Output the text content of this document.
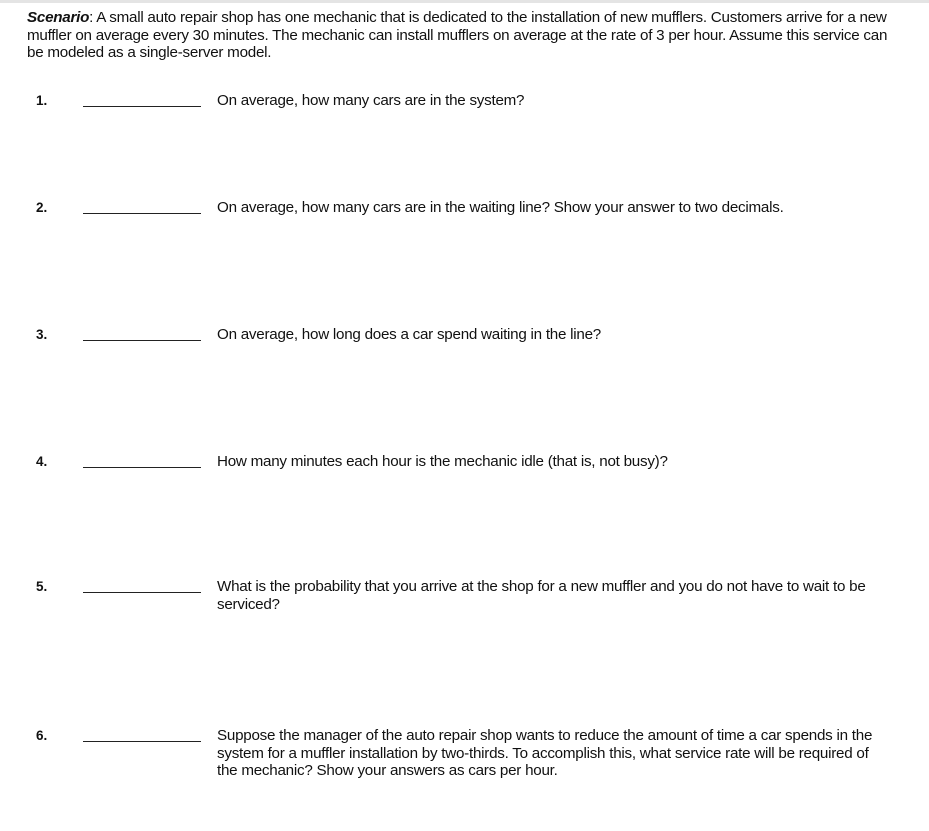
Scenario: A small auto repair shop has one mechanic that is dedicated to the installation of new mufflers. Customers arrive for a new muffler on average every 30 minutes. The mechanic can install mufflers on average at the rate of 3 per hour. Assume this service can be modeled as a single-server model.

1.	On average, how many cars are in the system?
2.	On average, how many cars are in the waiting line? Show your answer to two decimals.
3.	On average, how long does a car spend waiting in the line?
4.	How many minutes each hour is the mechanic idle (that is, not busy)?
5.	What is the probability that you arrive at the shop for a new muffler and you do not have to wait to be serviced?
6.	Suppose the manager of the auto repair shop wants to reduce the amount of time a car spends in the system for a muffler installation by two-thirds. To accomplish this, what service rate will be required of the mechanic? Show your answers as cars per hour.
